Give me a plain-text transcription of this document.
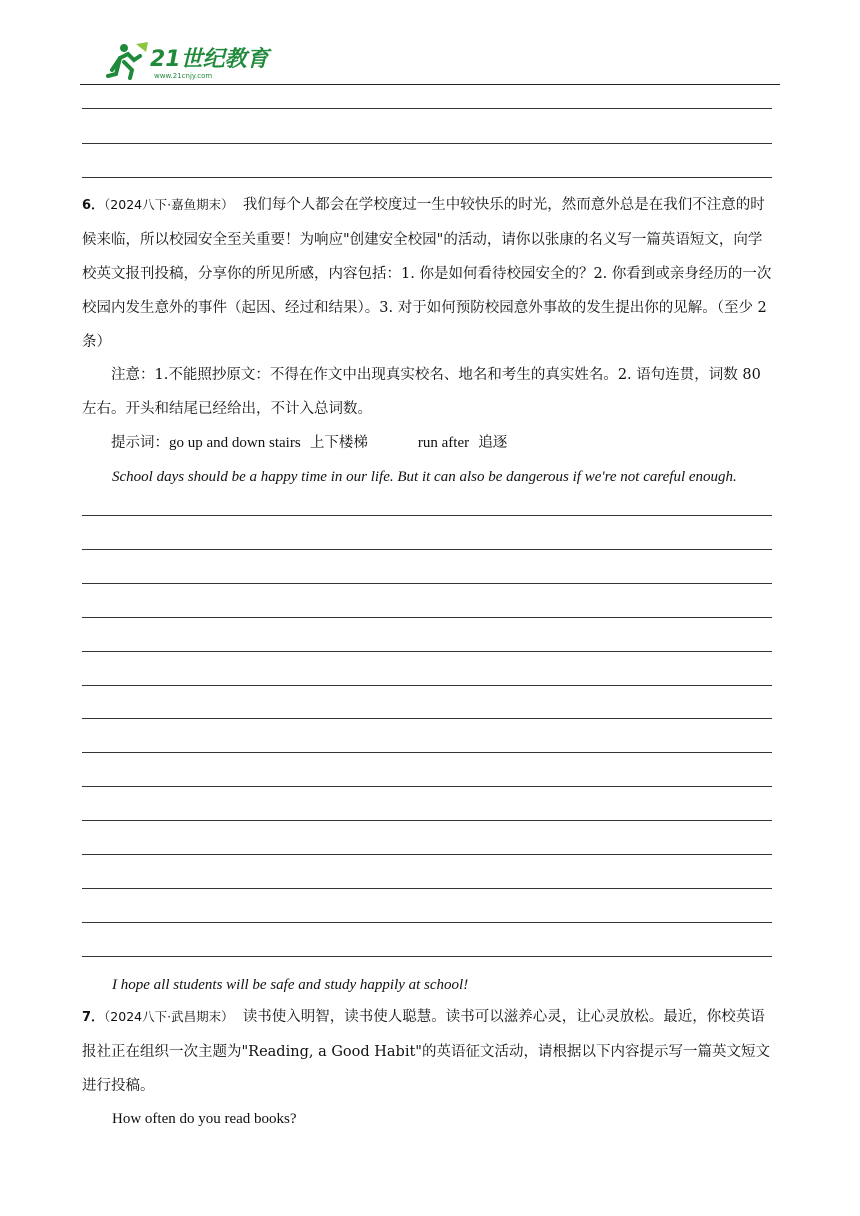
21世纪教育
www.21cnjy.com

6．（2024八下·嘉鱼期末） 我们每个人都会在学校度过一生中较快乐的时光，然而意外总是在我们不注意的时候来临，所以校园安全至关重要！为响应"创建安全校园"的活动，请你以张康的名义写一篇英语短文，向学校英文报刊投稿，分享你的所见所感，内容包括：1. 你是如何看待校园安全的？2. 你看到或亲身经历的一次校园内发生意外的事件（起因、经过和结果）。3. 对于如何预防校园意外事故的发生提出你的见解。（至少 2 条）

注意：1.不能照抄原文：不得在作文中出现真实校名、地名和考生的真实姓名。2. 语句连贯，词数 80 左右。开头和结尾已经给出，不计入总词数。

提示词：go up and down stairs 上下楼梯	run after 追逐

School days should be a happy time in our life. But it can also be dangerous if we're not careful enough.

I hope all students will be safe and study happily at school!

7．（2024八下·武昌期末） 读书使入明智，读书使人聪慧。读书可以滋养心灵，让心灵放松。最近，你校英语报社正在组织一次主题为"Reading, a Good Habit"的英语征文活动，请根据以下内容提示写一篇英文短文进行投稿。

How often do you read books?
